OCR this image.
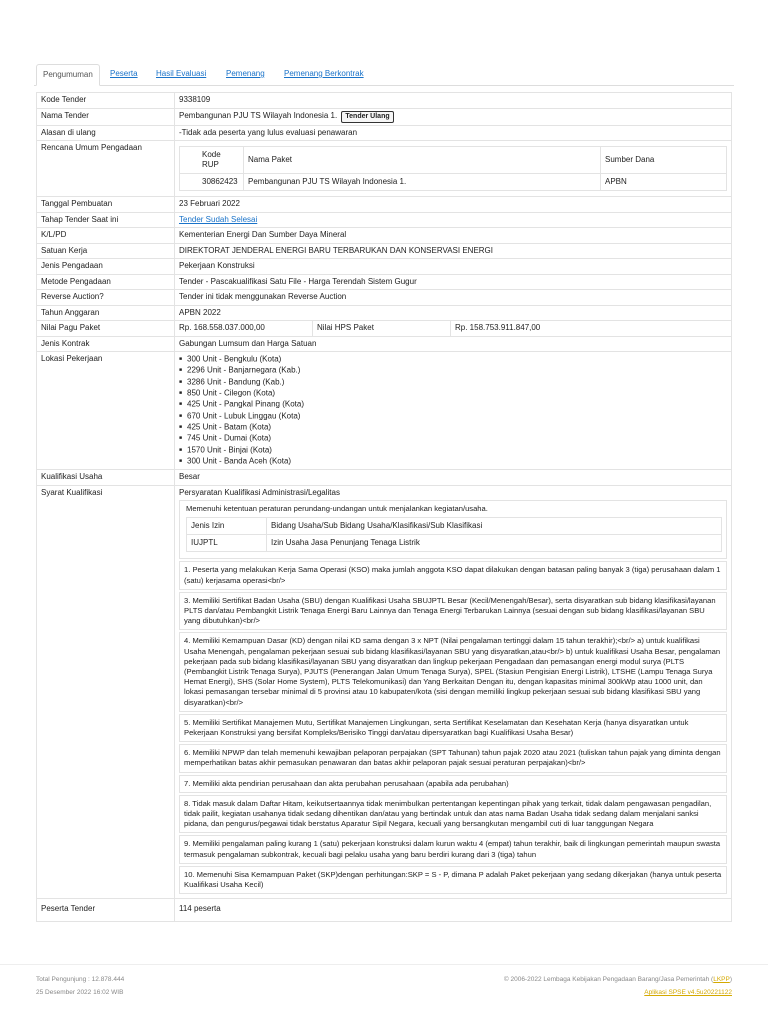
Pengumuman	Peserta	Hasil Evaluasi	Pemenang	Pemenang Berkontrak
Kode Tender	9338109
Nama Tender	Pembangunan PJU TS Wilayah Indonesia 1. Tender Ulang
Alasan di ulang	-Tidak ada peserta yang lulus evaluasi penawaran
Rencana Umum Pengadaan	
Kode RUP	Nama Paket	Sumber Dana
30862423	Pembangunan PJU TS Wilayah Indonesia 1.	APBN

Tanggal Pembuatan	23 Februari 2022
Tahap Tender Saat ini	Tender Sudah Selesai
K/L/PD	Kementerian Energi Dan Sumber Daya Mineral
Satuan Kerja	DIREKTORAT JENDERAL ENERGI BARU TERBARUKAN DAN KONSERVASI ENERGI
Jenis Pengadaan	Pekerjaan Konstruksi
Metode Pengadaan	Tender - Pascakualifikasi Satu File - Harga Terendah Sistem Gugur
Reverse Auction?	Tender ini tidak menggunakan Reverse Auction
Tahun Anggaran	APBN 2022
Nilai Pagu Paket	Rp. 168.558.037.000,00	Nilai HPS Paket	Rp. 158.753.911.847,00
Jenis Kontrak	Gabungan Lumsum dan Harga Satuan
Lokasi Pekerjaan	
■300 Unit - Bengkulu (Kota)
■ 2296 Unit - Banjarnegara (Kab.)
■ 3286 Unit - Bandung (Kab.)
■ 850 Unit - Cilegon (Kota)
■ 425 Unit - Pangkal Pinang (Kota)
■ 670 Unit - Lubuk Linggau (Kota)
■ 425 Unit - Batam (Kota)
■ 745 Unit - Dumai (Kota)
■ 1570 Unit - Binjai (Kota)
■ 300 Unit - Banda Aceh (Kota)

Kualifikasi Usaha	Besar
Syarat Kualifikasi	Persyaratan Kualifikasi Administrasi/Legalitas
Memenuhi ketentuan peraturan perundang-undangan untuk menjalankan kegiatan/usaha.
Jenis Izin	Bidang Usaha/Sub Bidang Usaha/Klasifikasi/Sub Klasifikasi
IUJPTL	Izin Usaha Jasa Penunjang Tenaga Listrik
1. Peserta yang melakukan Kerja Sama Operasi (KSO) maka jumlah anggota KSO dapat dilakukan dengan batasan paling banyak 3 (tiga) perusahaan dalam 1 (satu) kerjasama operasi<br/>
3. Memiliki Sertifikat Badan Usaha (SBU) dengan Kualifikasi Usaha SBUJPTL Besar (Kecil/Menengah/Besar), serta disyaratkan sub bidang klasifikasi/layanan PLTS dan/atau Pembangkit Listrik Tenaga Energi Baru Lainnya dan Tenaga Energi Terbarukan Lainnya (sesuai dengan sub bidang klasifikasi/layanan SBU yang dibutuhkan)<br/>
4. Memiliki Kemampuan Dasar (KD) dengan nilai KD sama dengan 3 x NPT (Nilai pengalaman tertinggi dalam 15 tahun terakhir);<br/> a) untuk kualifikasi Usaha Menengah, pengalaman pekerjaan sesuai sub bidang klasifikasi/layanan SBU yang disyaratkan,atau<br/> b) untuk kualifikasi Usaha Besar, pengalaman pekerjaan pada sub bidang klasifikasi/layanan SBU yang disyaratkan dan lingkup pekerjaan Pengadaan dan pemasangan energi modul surya (PLTS (Pembangkit Listrik Tenaga Surya), PJUTS (Penerangan Jalan Umum Tenaga Surya), SPEL (Stasiun Pengisian Energi Listrik), LTSHE (Lampu Tenaga Surya Hemat Energi), SHS (Solar Home System), PLTS Telekomunikasi) dan Yang Berkaitan Dengan itu, dengan kapasitas minimal 300kWp atau 1000 unit, dan lokasi pemasangan tersebar minimal di 5 provinsi atau 10 kabupaten/kota (sisi dengan memiliki lingkup pekerjaan sesuai sub bidang klasifikasi SBU yang disyaratkan)<br/>
5. Memiliki Sertifikat Manajemen Mutu, Sertifikat Manajemen Lingkungan, serta Sertifikat Keselamatan dan Kesehatan Kerja (hanya disyaratkan untuk Pekerjaan Konstruksi yang bersifat Kompleks/Berisiko Tinggi dan/atau dipersyaratkan bagi Kualifikasi Usaha Besar)
6. Memiliki NPWP dan telah memenuhi kewajiban pelaporan perpajakan (SPT Tahunan) tahun pajak 2020 atau 2021 (tuliskan tahun pajak yang diminta dengan memperhatikan batas akhir pemasukan penawaran dan batas akhir pelaporan pajak sesuai peraturan perpajakan)<br/>
7. Memiliki akta pendirian perusahaan dan akta perubahan perusahaan (apabila ada perubahan)
8. Tidak masuk dalam Daftar Hitam, keikutsertaannya tidak menimbulkan pertentangan kepentingan pihak yang terkait, tidak dalam pengawasan pengadilan, tidak pailit, kegiatan usahanya tidak sedang dihentikan dan/atau yang bertindak untuk dan atas nama Badan Usaha tidak sedang dalam menjalani sanksi pidana, dan pengurus/pegawai tidak berstatus Aparatur Sipil Negara, kecuali yang bersangkutan mengambil cuti di luar tanggungan Negara
9. Memiliki pengalaman paling kurang 1 (satu) pekerjaan konstruksi dalam kurun waktu 4 (empat) tahun terakhir, baik di lingkungan pemerintah maupun swasta termasuk pengalaman subkontrak, kecuali bagi pelaku usaha yang baru berdiri kurang dari 3 (tiga) tahun
10. Memenuhi Sisa Kemampuan Paket (SKP)dengan perhitungan:SKP = S - P, dimana P adalah Paket pekerjaan yang sedang dikerjakan (hanya untuk peserta Kualifikasi Usaha Kecil)

Peserta Tender	114 peserta
Total Pengunjung : 12.878.444
25 Desember 2022 16:02 WIB
© 2006-2022 Lembaga Kebijakan Pengadaan Barang/Jasa Pemerintah (LKPP)
Aplikasi SPSE v4.5u20221122
